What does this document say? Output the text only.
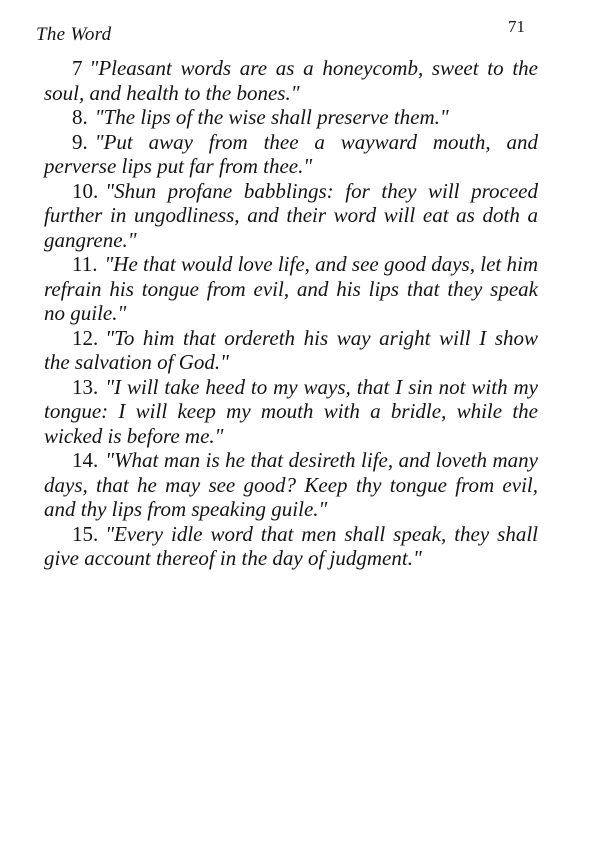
The Word	71

7 "Pleasant words are as a honeycomb, sweet to the soul, and health to the bones."

8. "The lips of the wise shall preserve them."

9. "Put away from thee a wayward mouth, and perverse lips put far from thee."

10. "Shun profane babblings: for they will proceed further in ungodliness, and their word will eat as doth a gangrene."

11. "He that would love life, and see good days, let him refrain his tongue from evil, and his lips that they speak no guile."

12. "To him that ordereth his way aright will I show the salvation of God."

13. "I will take heed to my ways, that I sin not with my tongue: I will keep my mouth with a bridle, while the wicked is before me."

14. "What man is he that desireth life, and loveth many days, that he may see good? Keep thy tongue from evil, and thy lips from speaking guile."

15. "Every idle word that men shall speak, they shall give account thereof in the day of judgment."
